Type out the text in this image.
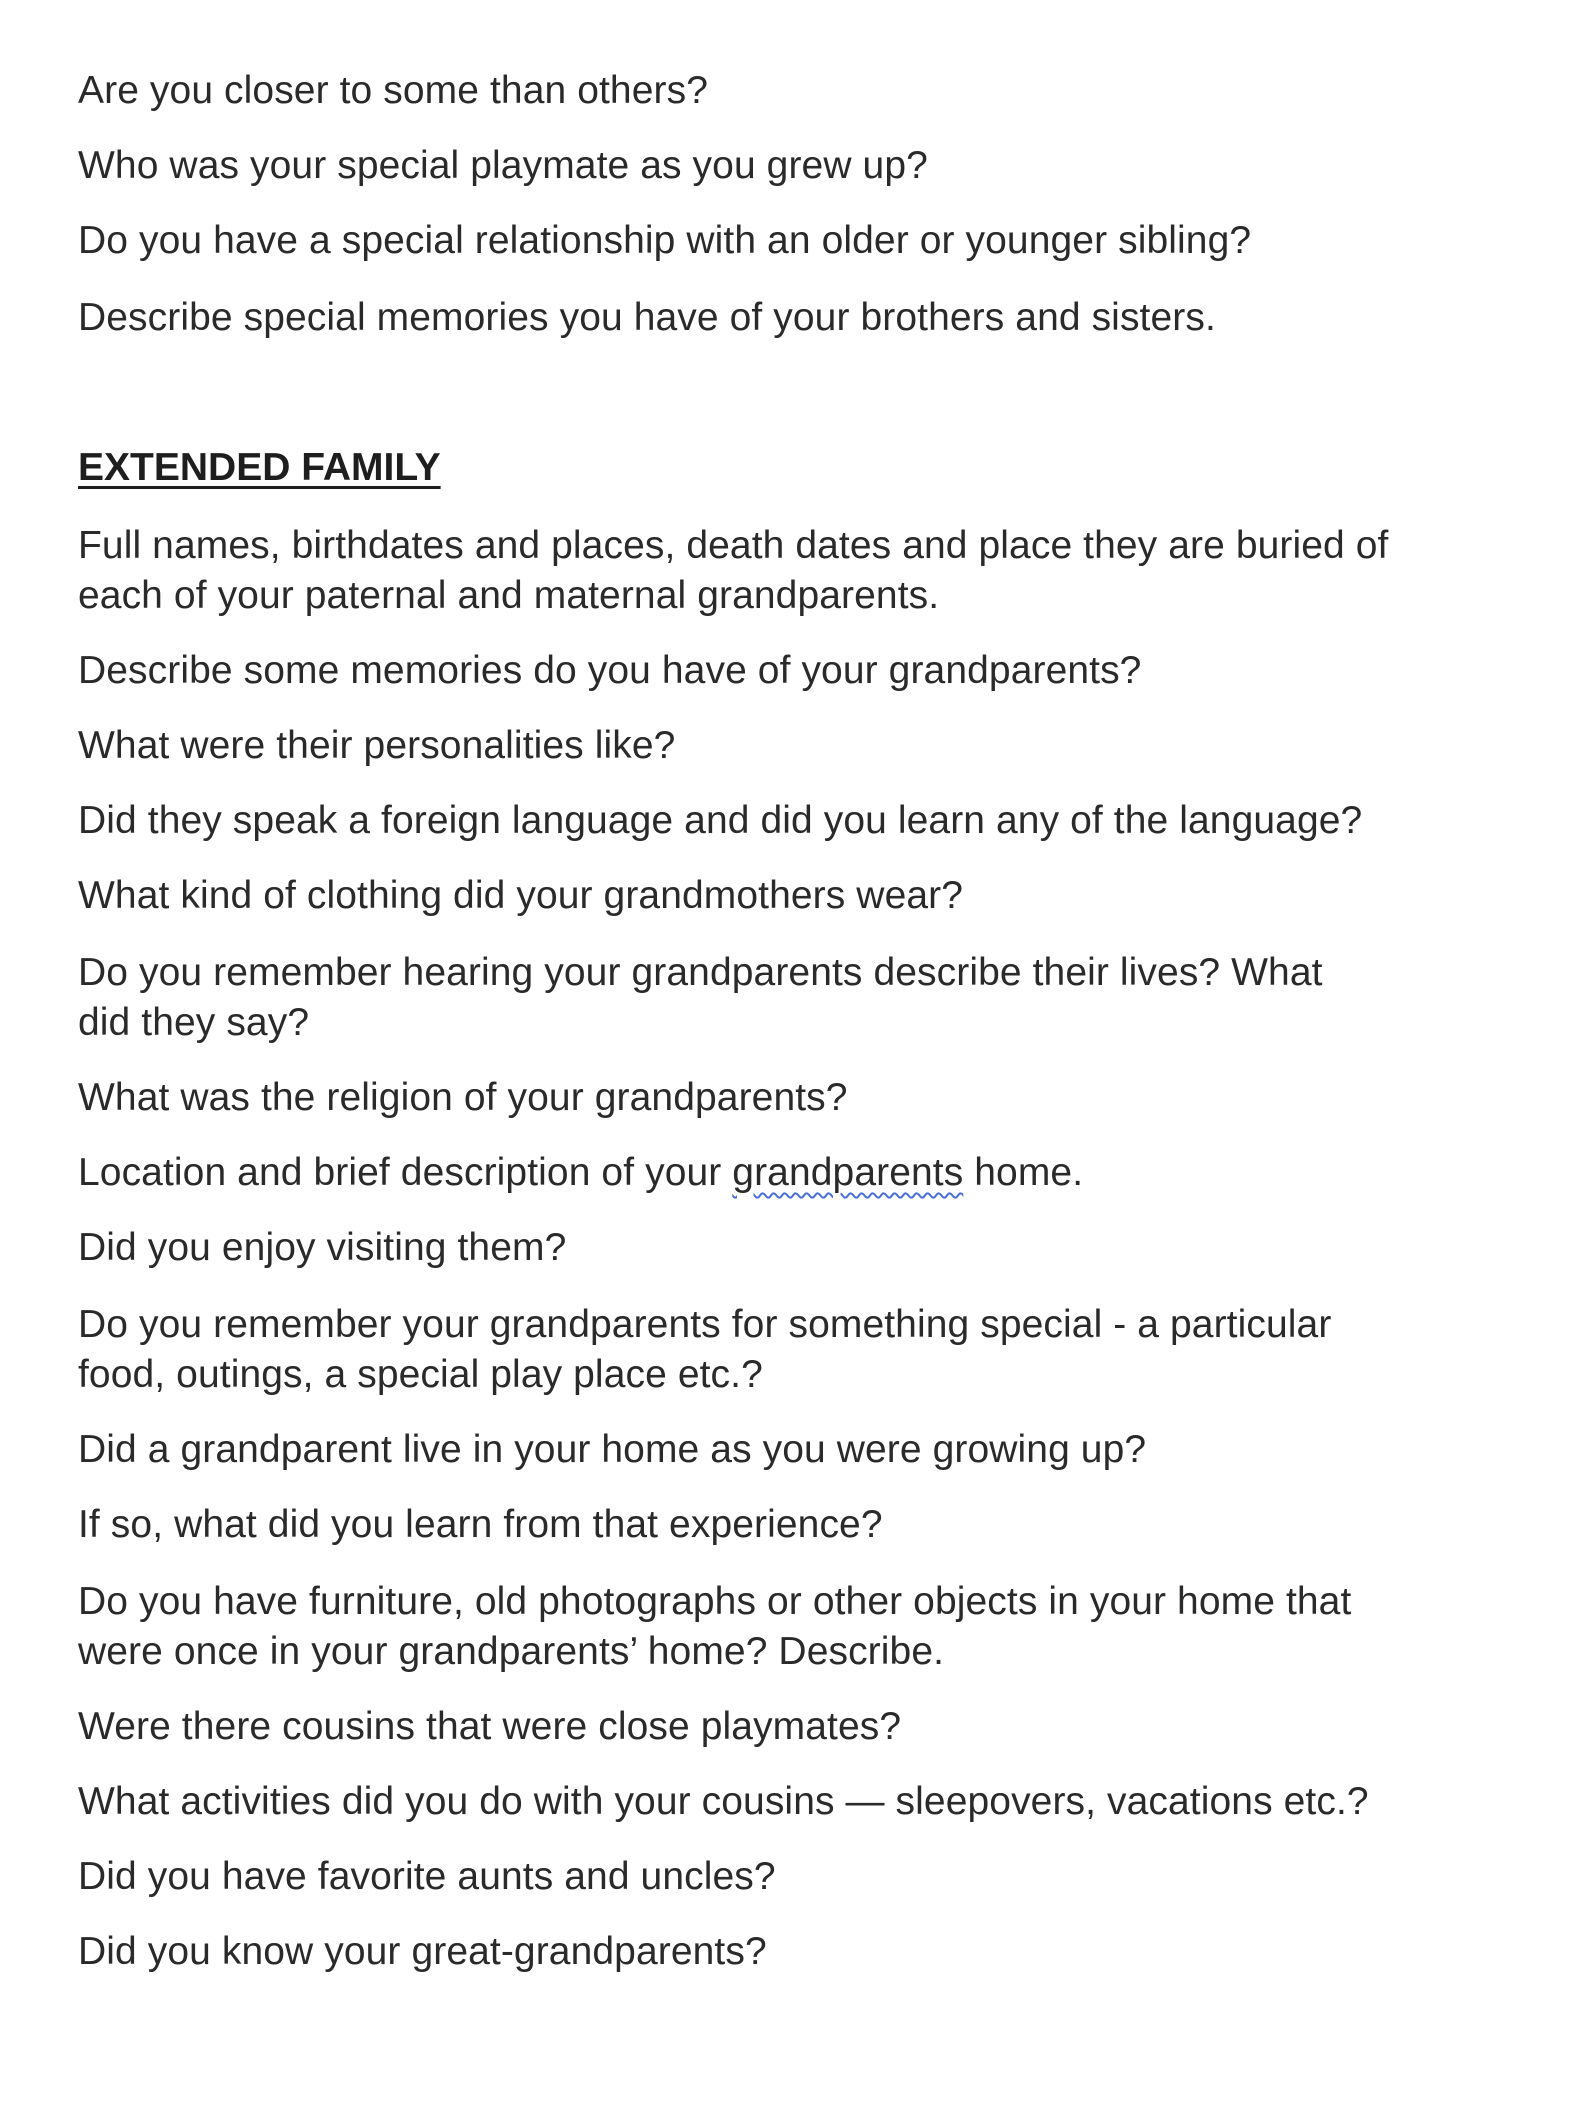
Are you closer to some than others?
Who was your special playmate as you grew up?
Do you have a special relationship with an older or younger sibling?
Describe special memories you have of your brothers and sisters.
EXTENDED FAMILY
Full names, birthdates and places, death dates and place they are buried of
each of your paternal and maternal grandparents.
Describe some memories do you have of your grandparents?
What were their personalities like?
Did they speak a foreign language and did you learn any of the language?
What kind of clothing did your grandmothers wear?
Do you remember hearing your grandparents describe their lives? What
did they say?
What was the religion of your grandparents?
Location and brief description of your grandparents home.
Did you enjoy visiting them?
Do you remember your grandparents for something special - a particular
food, outings, a special play place etc.?
Did a grandparent live in your home as you were growing up?
If so, what did you learn from that experience?
Do you have furniture, old photographs or other objects in your home that
were once in your grandparents’ home? Describe.
Were there cousins that were close playmates?
What activities did you do with your cousins — sleepovers, vacations etc.?
Did you have favorite aunts and uncles?
Did you know your great-grandparents?
